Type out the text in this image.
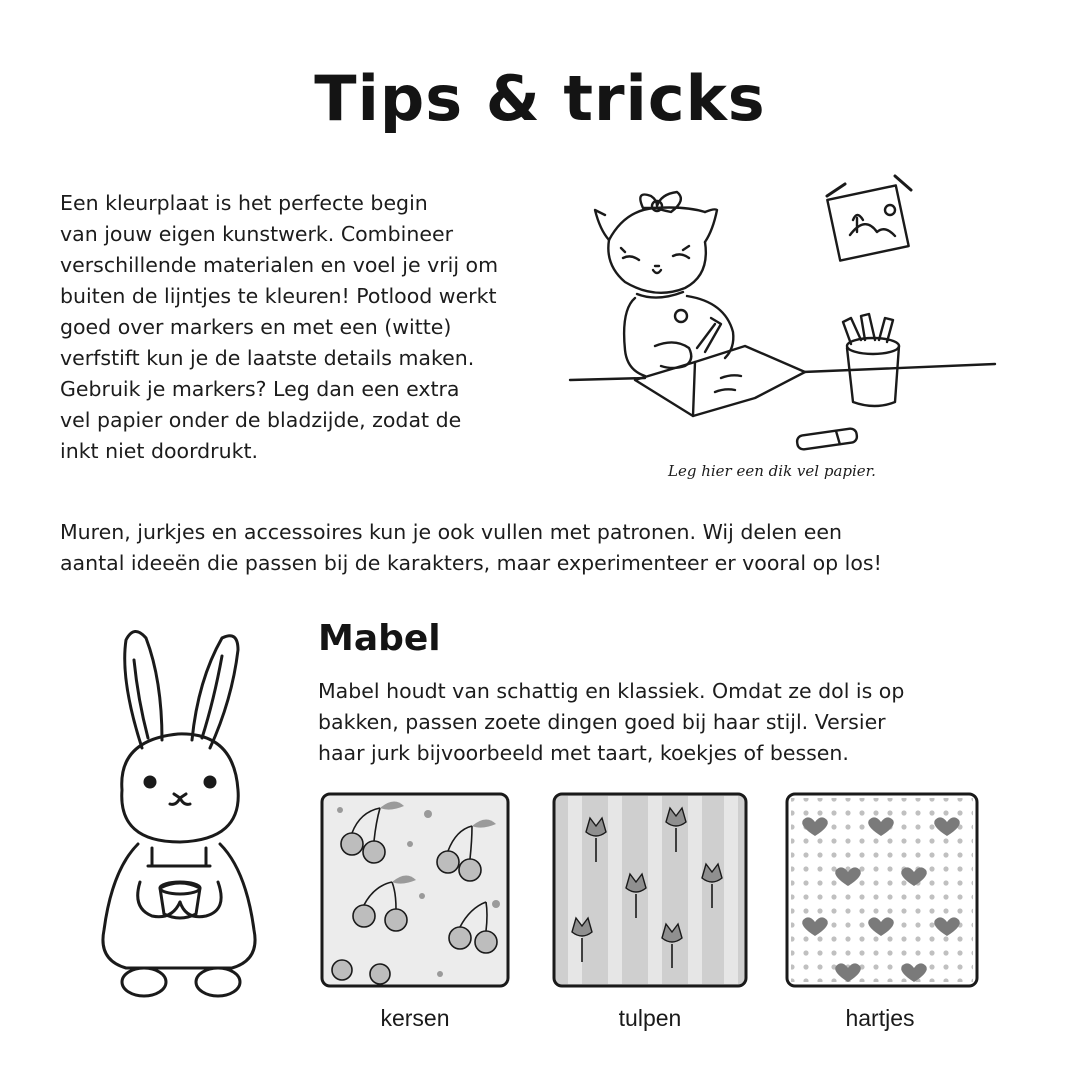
Tips & tricks
Een kleurplaat is het perfecte begin
van jouw eigen kunstwerk. Combineer
verschillende materialen en voel je vrij om
buiten de lijntjes te kleuren! Potlood werkt
goed over markers en met een (witte)
verfstift kun je de laatste details maken.
Gebruik je markers? Leg dan een extra
vel papier onder de bladzijde, zodat de
inkt niet doordrukt.
Leg hier een dik vel papier.
Muren, jurkjes en accessoires kun je ook vullen met patronen. Wij delen een
aantal ideeën die passen bij de karakters, maar experimenteer er vooral op los!
Mabel
Mabel houdt van schattig en klassiek. Omdat ze dol is op
bakken, passen zoete dingen goed bij haar stijl. Versier
haar jurk bijvoorbeeld met taart, koekjes of bessen.
kersen	tulpen	hartjes
